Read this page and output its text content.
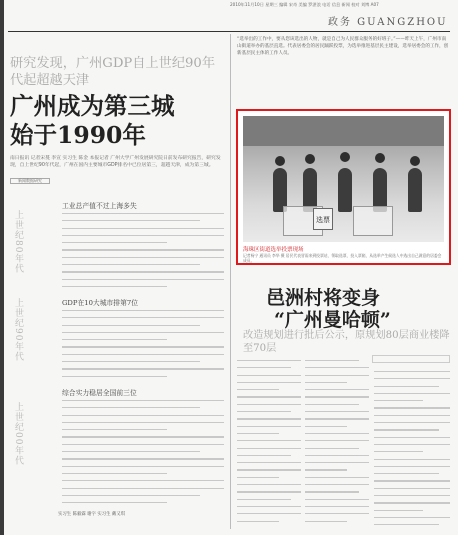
2010年11月10日 星期三 编辑 宋奇 美编 罗湛浪 电话 信息 新闻 校对 刘博 A07
政务 GUANGZHOU
研究发现，广州GDP自上世纪90年代起超越天津
广州成为第三城
始于1990年
南日报讯 记者宋蔓 李宣 实习生 陈金 本报记者 广州大学广州发展研究院日前发布研究报告，研究发现，自上世纪90年代起，广州在国内主要城市GDP排名中已位居第三，超越天津，成为第三城。
新闻数据研究
上世纪80年代
上世纪90年代
上世纪00年代
工业总产值不过上海多失
GDP在10大城市排第7位
综合实力稳居全国前三位
实习生 陈毅霖 谢字 实习生 戴又琪
“选举出的工作中，要从您该选出的人物，就是自己为人民群众服务的好班子。”——昨天上午，广州市南山街道举办的基层直选。代表居委会的居民踊跃投票，为选举推进基层民主建设，选举居委会的工作，创新基层民主体的工作人员。
选票
海珠区街道选举投票现场
记者杨宁 通讯员 李华 摄 居民代表冒雨来到投票站，领取选票，投入票箱，从选举产生候选人中选出自己满意的居委会成员。
邑洲村将变身
“广州曼哈顿”
改造规划进行批后公示，原规划80层商业楼降至70层
